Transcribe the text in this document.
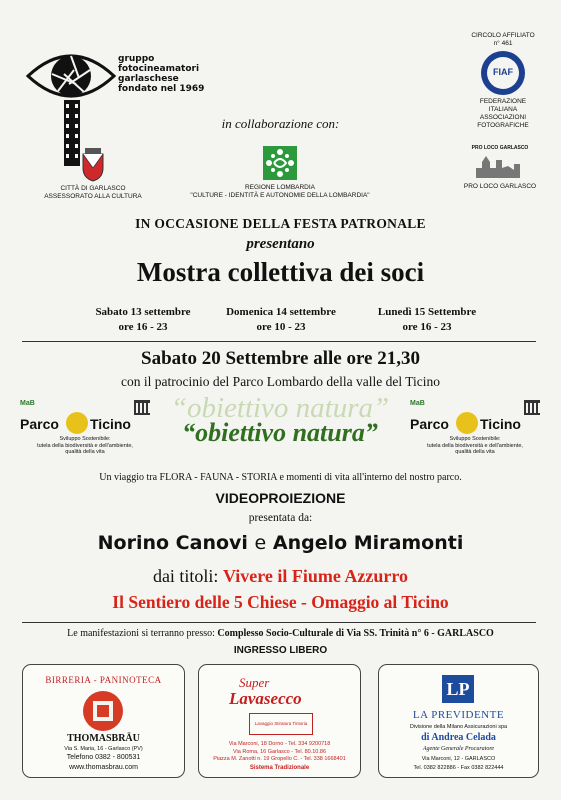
gruppo
fotocineamatori
garlaschese
fondato nel 1969
CIRCOLO AFFILIATO
n° 461
FIAF
FEDERAZIONE
ITALIANA
ASSOCIAZIONI
FOTOGRAFICHE
in collaborazione con:
CITTÀ DI GARLASCO
ASSESSORATO ALLA CULTURA
REGIONE LOMBARDIA
"CULTURE - IDENTITÀ E AUTONOMIE DELLA LOMBARDIA"
PRO LOCO GARLASCO
PRO LOCO GARLASCO
IN OCCASIONE DELLA FESTA PATRONALE
presentano
Mostra collettiva dei soci
Sabato 13 settembre
ore 16 - 23
Domenica 14 settembre
ore 10 - 23
Lunedì 15 Settembre
ore 16 - 23
Sabato 20 Settembre alle ore 21,30
con il patrocinio del Parco Lombardo della valle del Ticino
MaB
Parco Ticino
Sviluppo Sostenibile:
tutela della biodiversità e dell'ambiente,
qualità della vita
MaB
Parco Ticino
Sviluppo Sostenibile:
tutela della biodiversità e dell'ambiente,
qualità della vita
“obiettivo natura”
“obiettivo natura”
Un viaggio tra FLORA - FAUNA - STORIA e momenti di vita all'interno del nostro parco.
VIDEOPROIEZIONE
presentata da:
Norino Canovi e Angelo Miramonti
dai titoli: Vivere il Fiume Azzurro
Il Sentiero delle 5 Chiese - Omaggio al Ticino
Le manifestazioni si terranno presso: Complesso Socio-Culturale di Via SS. Trinità n° 6 - GARLASCO
INGRESSO LIBERO
BIRRERIA - PANINOTECA
THOMASBRÄU
Via S. Maria, 16 - Garlasco (PV)
Telefono 0382 - 800531
www.thomasbrau.com
Super
Lavasecco
Lavaggio Stiratura Tintoria
Via Marconi, 18 Dorno - Tel. 334 9200718
Via Roma, 16 Garlasco - Tel. 80.10.86
Piazza M. Zanotti n. 19 Gropello C. - Tel. 338 1668401
Sistema Tradizionale
LP
LA PREVIDENTE
Divisione della Milano Assicurazioni spa
di Andrea Celada
Agente Generale Procuratore
Via Marconi, 12 - GARLASCO
Tel. 0382 822886 - Fax 0382 822444
